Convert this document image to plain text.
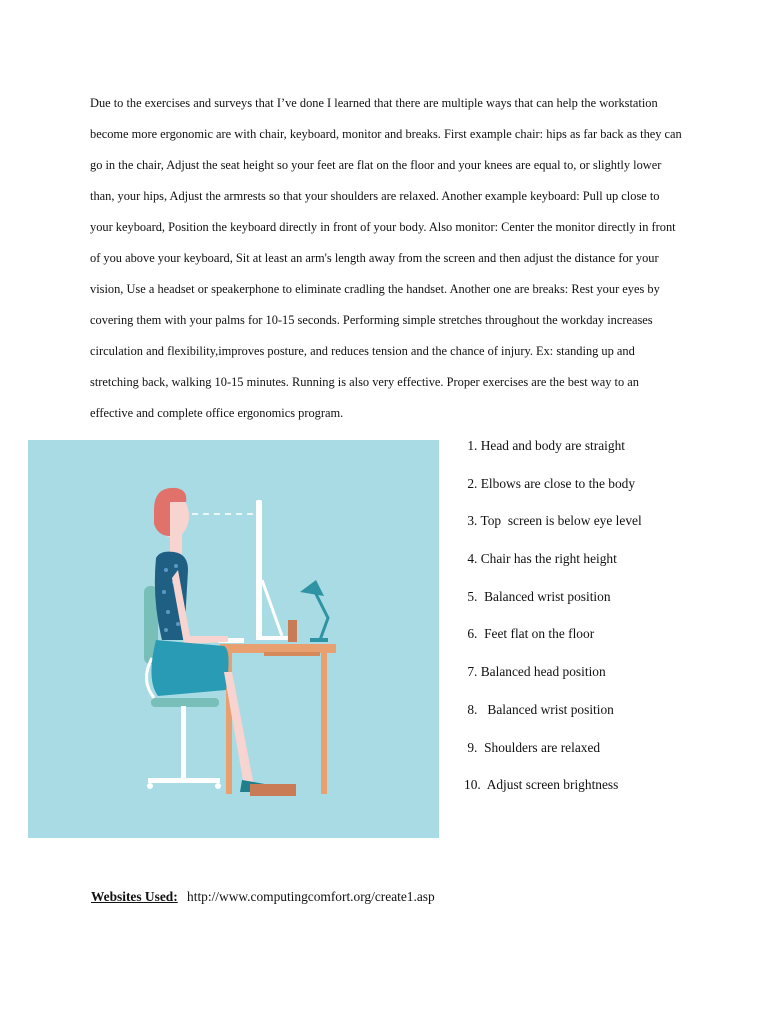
Due to the exercises and surveys that I’ve done I learned that there are multiple ways that can help the workstation become more ergonomic are with chair, keyboard, monitor and breaks. First example chair: hips as far back as they can go in the chair, Adjust the seat height so your feet are flat on the floor and your knees are equal to, or slightly lower than, your hips, Adjust the armrests so that your shoulders are relaxed. Another example keyboard: Pull up close to your keyboard, Position the keyboard directly in front of your body. Also monitor: Center the monitor directly in front of you above your keyboard, Sit at least an arm's length away from the screen and then adjust the distance for your vision, Use a headset or speakerphone to eliminate cradling the handset. Another one are breaks: Rest your eyes by covering them with your palms for 10-15 seconds. Performing simple stretches throughout the workday increases circulation and flexibility,improves posture, and reduces tension and the chance of injury. Ex: standing up and stretching back, walking 10-15 minutes. Running is also very effective. Proper exercises are the best way to an effective and complete office ergonomics program.

1. Head and body are straight
2. Elbows are close to the body
3. Top  screen is below eye level
4. Chair has the right height
5.  Balanced wrist position
6.  Feet flat on the floor
7. Balanced head position
8.   Balanced wrist position
9.  Shoulders are relaxed
10.  Adjust screen brightness
Websites Used: http://www.computingcomfort.org/create1.asp
